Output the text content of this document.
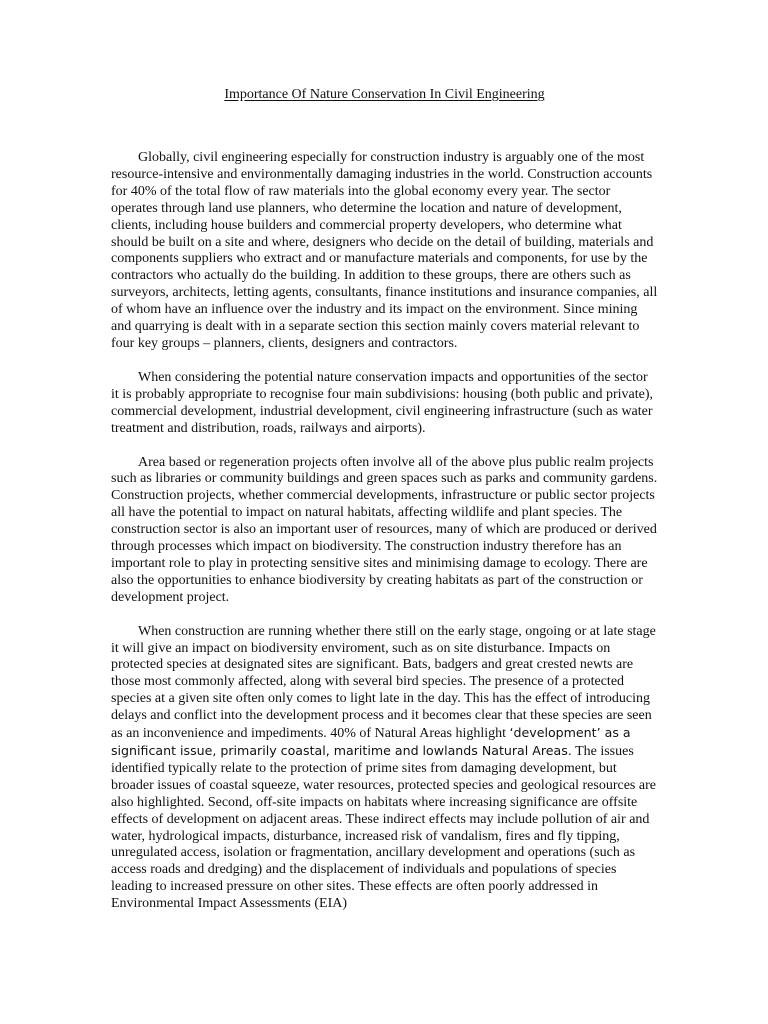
Importance Of Nature Conservation In Civil Engineering

Globally, civil engineering especially for construction industry is arguably one of the most resource-intensive and environmentally damaging industries in the world. Construction accounts for 40% of the total flow of raw materials into the global economy every year. The sector operates through land use planners, who determine the location and nature of development, clients, including house builders and commercial property developers, who determine what should be built on a site and where, designers who decide on the detail of building, materials and components suppliers who extract and or manufacture materials and components, for use by the contractors who actually do the building. In addition to these groups, there are others such as surveyors, architects, letting agents, consultants, finance institutions and insurance companies, all of whom have an influence over the industry and its impact on the environment. Since mining and quarrying is dealt with in a separate section this section mainly covers material relevant to four key groups – planners, clients, designers and contractors.

When considering the potential nature conservation impacts and opportunities of the sector it is probably appropriate to recognise four main subdivisions: housing (both public and private), commercial development, industrial development, civil engineering infrastructure (such as water treatment and distribution, roads, railways and airports).

Area based or regeneration projects often involve all of the above plus public realm projects such as libraries or community buildings and green spaces such as parks and community gardens. Construction projects, whether commercial developments, infrastructure or public sector projects all have the potential to impact on natural habitats, affecting wildlife and plant species. The construction sector is also an important user of resources, many of which are produced or derived through processes which impact on biodiversity. The construction industry therefore has an important role to play in protecting sensitive sites and minimising damage to ecology. There are also the opportunities to enhance biodiversity by creating habitats as part of the construction or development project.

When construction are running whether there still on the early stage, ongoing or at late stage it will give an impact on biodiversity enviroment, such as on site disturbance. Impacts on protected species at designated sites are significant. Bats, badgers and great crested newts are those most commonly affected, along with several bird species. The presence of a protected species at a given site often only comes to light late in the day. This has the effect of introducing delays and conflict into the development process and it becomes clear that these species are seen as an inconvenience and impediments. 40% of Natural Areas highlight ‘development’ as a significant issue, primarily coastal, maritime and lowlands Natural Areas. The issues identified typically relate to the protection of prime sites from damaging development, but broader issues of coastal squeeze, water resources, protected species and geological resources are also highlighted. Second, off-site impacts on habitats where increasing significance are offsite effects of development on adjacent areas. These indirect effects may include pollution of air and water, hydrological impacts, disturbance, increased risk of vandalism, fires and fly tipping, unregulated access, isolation or fragmentation, ancillary development and operations (such as access roads and dredging) and the displacement of individuals and populations of species leading to increased pressure on other sites. These effects are often poorly addressed in Environmental Impact Assessments (EIA)
